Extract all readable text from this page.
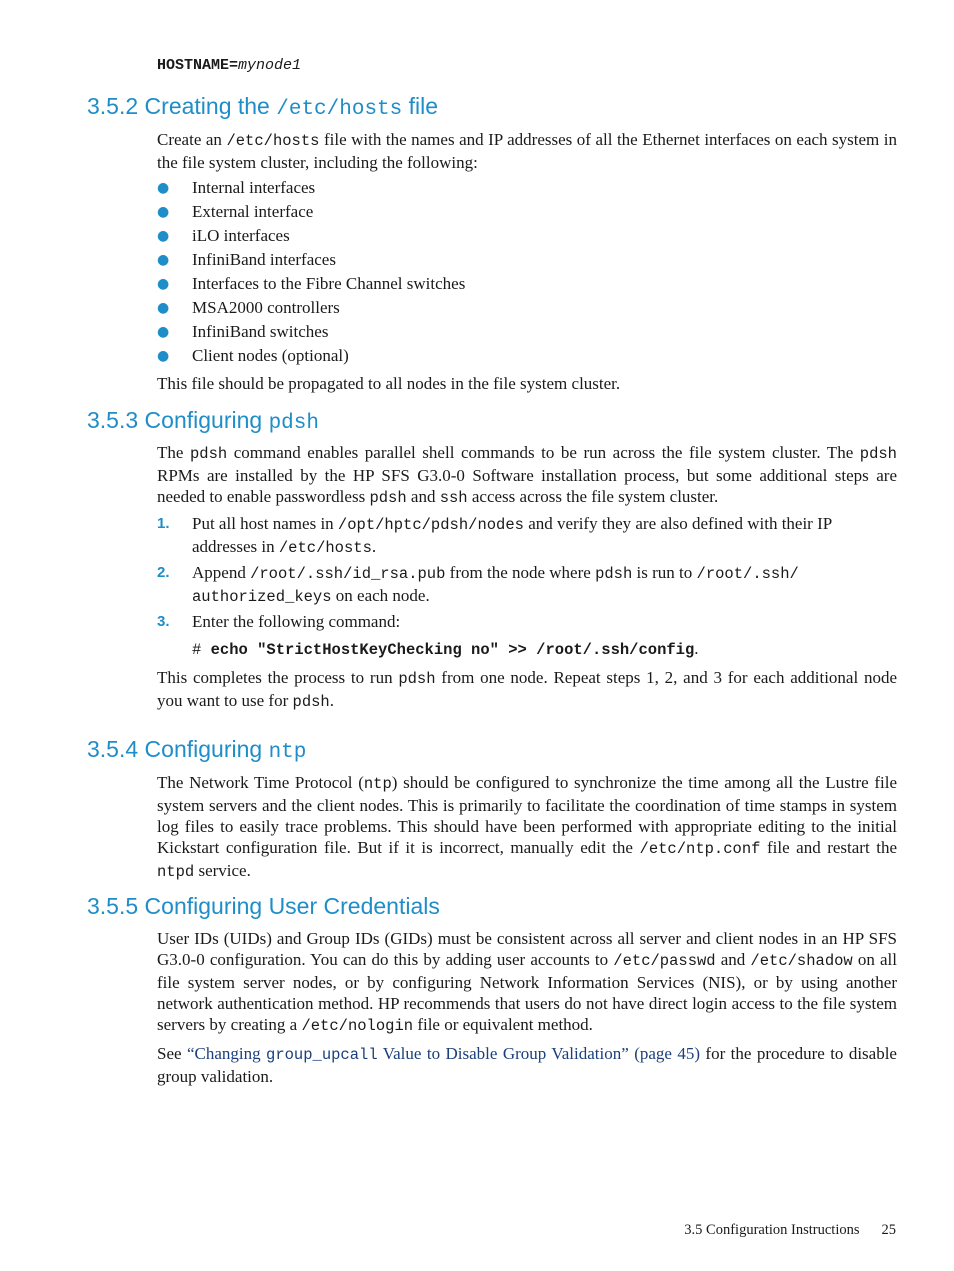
HOSTNAME=mynode1
3.5.2 Creating the /etc/hosts file

Create an /etc/hosts file with the names and IP addresses of all the Ethernet interfaces on each system in the file system cluster, including the following:

● Internal interfaces
● External interface
● iLO interfaces
● InfiniBand interfaces
● Interfaces to the Fibre Channel switches
● MSA2000 controllers
● InfiniBand switches
● Client nodes (optional)

This file should be propagated to all nodes in the file system cluster.

3.5.3 Configuring pdsh

The pdsh command enables parallel shell commands to be run across the file system cluster. The pdsh RPMs are installed by the HP SFS G3.0-0 Software installation process, but some additional steps are needed to enable passwordless pdsh and ssh access across the file system cluster.

1. Put all host names in /opt/hptc/pdsh/nodes and verify they are also defined with their IP addresses in /etc/hosts.
2. Append /root/.ssh/id_rsa.pub from the node where pdsh is run to /root/.ssh/ authorized_keys on each node.
3. Enter the following command:
# echo "StrictHostKeyChecking no" >> /root/.ssh/config.

This completes the process to run pdsh from one node. Repeat steps 1, 2, and 3 for each additional node you want to use for pdsh.

3.5.4 Configuring ntp

The Network Time Protocol (ntp) should be configured to synchronize the time among all the Lustre file system servers and the client nodes. This is primarily to facilitate the coordination of time stamps in system log files to easily trace problems. This should have been performed with appropriate editing to the initial Kickstart configuration file. But if it is incorrect, manually edit the /etc/ntp.conf file and restart the ntpd service.

3.5.5 Configuring User Credentials

User IDs (UIDs) and Group IDs (GIDs) must be consistent across all server and client nodes in an HP SFS G3.0-0 configuration. You can do this by adding user accounts to /etc/passwd and /etc/shadow on all file system server nodes, or by configuring Network Information Services (NIS), or by using another network authentication method. HP recommends that users do not have direct login access to the file system servers by creating a /etc/nologin file or equivalent method.

See “Changing group_upcall Value to Disable Group Validation” (page 45) for the procedure to disable group validation.

3.5 Configuration Instructions 25
